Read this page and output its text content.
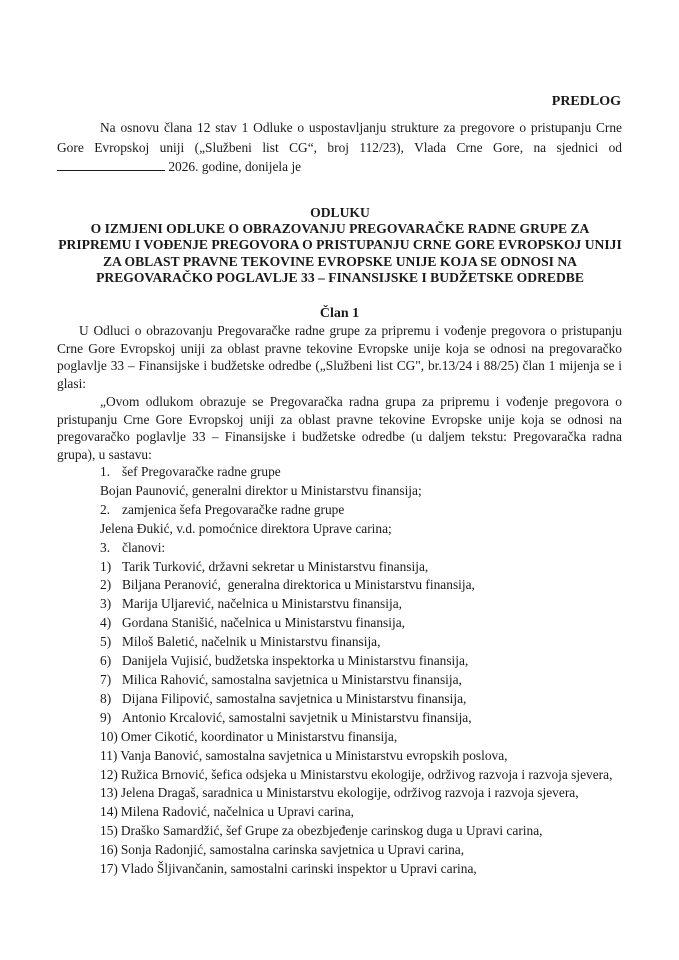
PREDLOG
Na osnovu člana 12 stav 1 Odluke o uspostavljanju strukture za pregovore o pristupanju Crne Gore Evropskoj uniji („Službeni list CG“, broj 112/23), Vlada Crne Gore, na sjednici od  2026. godine, donijela je
ODLUKU
O IZMJENI ODLUKE O OBRAZOVANJU PREGOVARAČKE RADNE GRUPE ZA PRIPREMU I VOĐENJE PREGOVORA O PRISTUPANJU CRNE GORE EVROPSKOJ UNIJI ZA OBLAST PRAVNE TEKOVINE EVROPSKE UNIJE KOJA SE ODNOSI NA PREGOVARAČKO POGLAVLJE 33 – FINANSIJSKE I BUDŽETSKE ODREDBE
Član 1
U Odluci o obrazovanju Pregovaračke radne grupe za pripremu i vođenje pregovora o pristupanju Crne Gore Evropskoj uniji za oblast pravne tekovine Evropske unije koja se odnosi na pregovaračko poglavlje 33 – Finansijske i budžetske odredbe („Službeni list CG", br.13/24 i 88/25) član 1 mijenja se i glasi:
„Ovom odlukom obrazuje se Pregovaračka radna grupa za pripremu i vođenje pregovora o pristupanju Crne Gore Evropskoj uniji za oblast pravne tekovine Evropske unije koja se odnosi na pregovaračko poglavlje 33 – Finansijske i budžetske odredbe (u daljem tekstu: Pregovaračka radna grupa), u sastavu:
1. šef Pregovaračke radne grupe
Bojan Paunović, generalni direktor u Ministarstvu finansija;
2. zamjenica šefa Pregovaračke radne grupe
Jelena Đukić, v.d. pomoćnice direktora Uprave carina;
3. članovi:
1) Tarik Turković, državni sekretar u Ministarstvu finansija,
2) Biljana Peranović,  generalna direktorica u Ministarstvu finansija,
3) Marija Uljarević, načelnica u Ministarstvu finansija,
4) Gordana Stanišić, načelnica u Ministarstvu finansija,
5) Miloš Baletić, načelnik u Ministarstvu finansija,
6) Danijela Vujisić, budžetska inspektorka u Ministarstvu finansija,
7) Milica Rahović, samostalna savjetnica u Ministarstvu finansija,
8) Dijana Filipović, samostalna savjetnica u Ministarstvu finansija,
9) Antonio Krcalović, samostalni savjetnik u Ministarstvu finansija,
10) Omer Cikotić, koordinator u Ministarstvu finansija,
11) Vanja Banović, samostalna savjetnica u Ministarstvu evropskih poslova,
12) Ružica Brnović, šefica odsjeka u Ministarstvu ekologije, održivog razvoja i razvoja sjevera,
13) Jelena Dragaš, saradnica u Ministarstvu ekologije, održivog razvoja i razvoja sjevera,
14) Milena Radović, načelnica u Upravi carina,
15) Draško Samardžić, šef Grupe za obezbjeđenje carinskog duga u Upravi carina,
16) Sonja Radonjić, samostalna carinska savjetnica u Upravi carina,
17) Vlado Šljivančanin, samostalni carinski inspektor u Upravi carina,
